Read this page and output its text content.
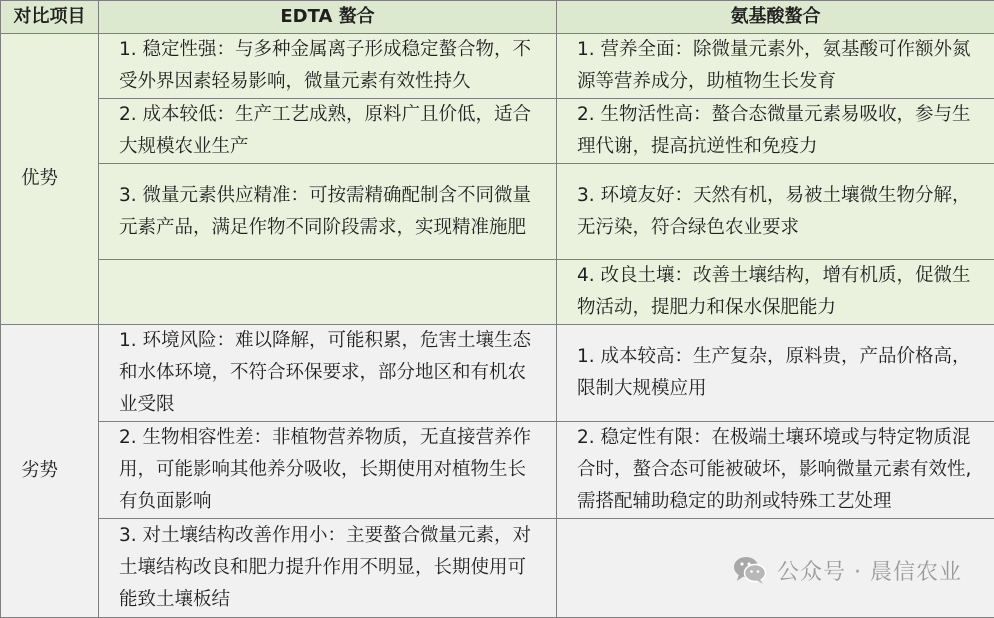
对比项目	EDTA 螯合	氨基酸螯合
优势	1. 稳定性强：与多种金属离子形成稳定螯合物，不受外界因素轻易影响，微量元素有效性持久	1. 营养全面：除微量元素外，氨基酸可作额外氮源等营养成分，助植物生长发育
	2. 成本较低：生产工艺成熟，原料广且价低，适合大规模农业生产	2. 生物活性高：螯合态微量元素易吸收，参与生理代谢，提高抗逆性和免疫力
	3. 微量元素供应精准：可按需精确配制含不同微量元素产品，满足作物不同阶段需求，实现精准施肥	3. 环境友好：天然有机，易被土壤微生物分解，无污染，符合绿色农业要求
		4. 改良土壤：改善土壤结构，增有机质，促微生物活动，提肥力和保水保肥能力
劣势	1. 环境风险：难以降解，可能积累，危害土壤生态和水体环境，不符合环保要求，部分地区和有机农业受限	1. 成本较高：生产复杂，原料贵，产品价格高，限制大规模应用
	2. 生物相容性差：非植物营养物质，无直接营养作用，可能影响其他养分吸收，长期使用对植物生长有负面影响	2. 稳定性有限：在极端土壤环境或与特定物质混合时，螯合态可能被破坏，影响微量元素有效性,需搭配辅助稳定的助剂或特殊工艺处理
	3. 对土壤结构改善作用小：主要螯合微量元素，对土壤结构改良和肥力提升作用不明显，长期使用可能致土壤板结	
公众号 · 晨信农业
